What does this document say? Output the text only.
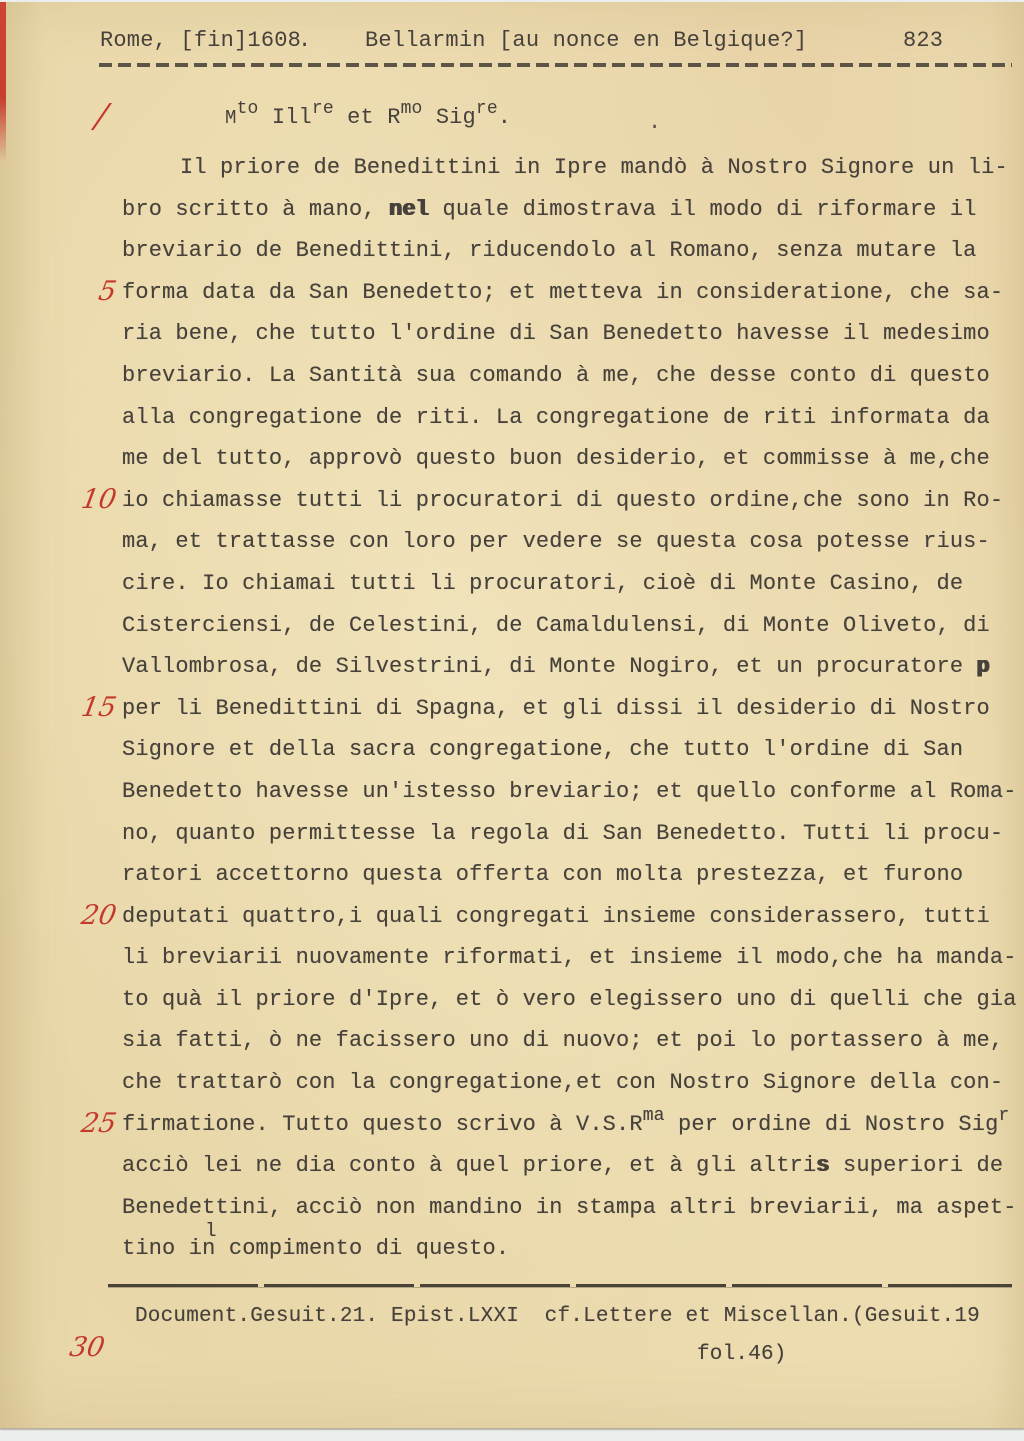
Rome, [fin]1608
. Bellarmin [au nonce en Belgique?]	823
/	$M^{to}$ Ill$^{re}$ et $R^{mo}$ Sig$^{re}$.	.
Il priore de Benedittini in Ipre mandò à Nostro Signore un li-
bro scritto à mano, nel quale dimostrava il modo di riformare il
breviario de Benedittini, riducendolo al Romano, senza mutare la
5 forma data da San Benedetto; et metteva in consideratione, che sa-
ria bene, che tutto l'ordine di San Benedetto havesse il medesimo
breviario. La Santità sua comando à me, che desse conto di questo
alla congregatione de riti. La congregatione de riti informata da
me del tutto, approvò questo buon desiderio, et commisse à me,che
10 io chiamasse tutti li procuratori di questo ordine,che sono in Ro-
ma, et trattasse con loro per vedere se questa cosa potesse rius-
cire. Io chiamai tutti li procuratori, cioè di Monte Casino, de
Cisterciensi, de Celestini, de Camaldulensi, di Monte Oliveto, di
Vallombrosa, de Silvestrini, di Monte Nogiro, et un procuratore p
15 per li Benedittini di Spagna, et gli dissi il desiderio di Nostro
Signore et della sacra congregatione, che tutto l'ordine di San
Benedetto havesse un'istesso breviario; et quello conforme al Roma-
no, quanto permittesse la regola di San Benedetto. Tutti li procu-
ratori accettorno questa offerta con molta prestezza, et furono
20 deputati quattro,i quali congregati insieme considerassero, tutti
li breviarii nuovamente riformati, et insieme il modo,che ha manda-
to quà il priore d'Ipre, et ò vero elegissero uno di quelli che gia
sia fatti, ò ne facissero uno di nuovo; et poi lo portassero à me,
che trattarò con la congregatione,et con Nostro Signore della con-
25 firmatione. Tutto questo scrivo à $V.S.R^{ma}$ per ordine di Nostro Sig$^r$
acciò lei ne dia conto à quel priore, et à gli altris superiori de
Benedettini, acciò non mandino in stampa altri breviarii, ma aspet-
tino in
l
compimento di questo.
30
Document.Gesuit.21. Epist.LXXI  cf.Lettere et Miscellan.(Gesuit.19
fol.46)
